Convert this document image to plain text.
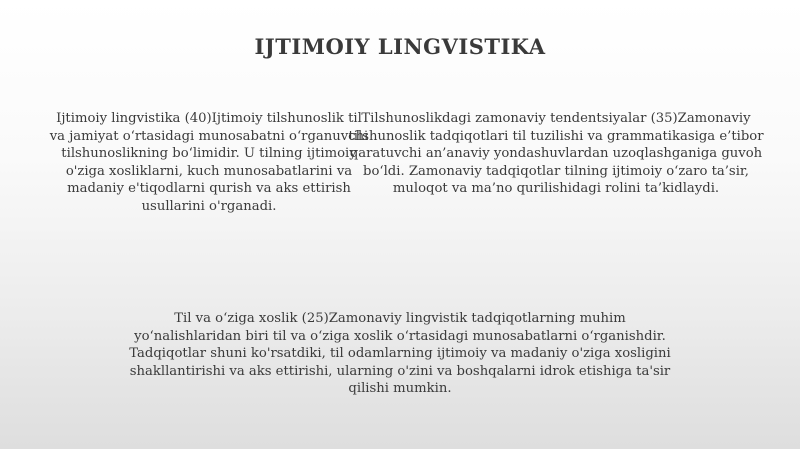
IJTIMOIY LINGVISTIKA

Ijtimoiy lingvistika (40)Ijtimoiy tilshunoslik til va jamiyat o‘rtasidagi munosabatni o‘rganuvchi tilshunoslikning bo‘limidir. U tilning ijtimoiy o'ziga xosliklarni, kuch munosabatlarini va madaniy e'tiqodlarni qurish va aks ettirish usullarini o'rganadi.

Tilshunoslikdagi zamonaviy tendentsiyalar (35)Zamonaviy tilshunoslik tadqiqotlari til tuzilishi va grammatikasiga e’tibor qaratuvchi an’anaviy yondashuvlardan uzoqlashganiga guvoh bo‘ldi. Zamonaviy tadqiqotlar tilning ijtimoiy o‘zaro ta’sir, muloqot va ma’no qurilishidagi rolini ta’kidlaydi.

Til va o‘ziga xoslik (25)Zamonaviy lingvistik tadqiqotlarning muhim yo‘nalishlaridan biri til va o‘ziga xoslik o‘rtasidagi munosabatlarni o‘rganishdir. Tadqiqotlar shuni ko'rsatdiki, til odamlarning ijtimoiy va madaniy o'ziga xosligini shakllantirishi va aks ettirishi, ularning o'zini va boshqalarni idrok etishiga ta'sir qilishi mumkin.
